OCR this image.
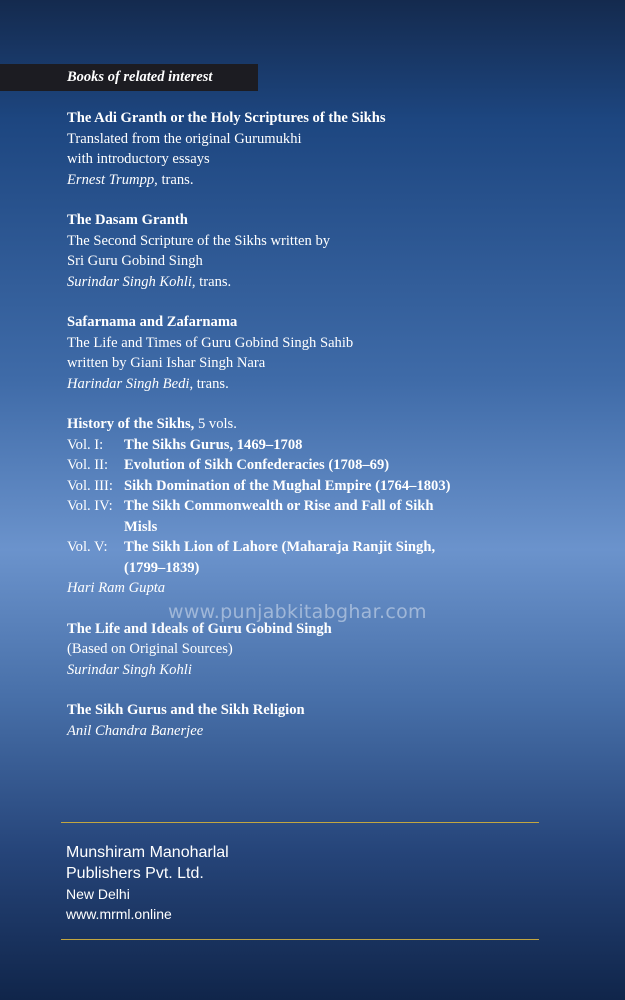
Books of related interest
The Adi Granth or the Holy Scriptures of the Sikhs
Translated from the original Gurumukhi
with introductory essays
Ernest Trumpp, trans.
The Dasam Granth
The Second Scripture of the Sikhs written by
Sri Guru Gobind Singh
Surindar Singh Kohli, trans.
Safarnama and Zafarnama
The Life and Times of Guru Gobind Singh Sahib
written by Giani Ishar Singh Nara
Harindar Singh Bedi, trans.
History of the Sikhs, 5 vols.
Vol. I:	The Sikhs Gurus, 1469–1708
Vol. II:	Evolution of Sikh Confederacies (1708–69)
Vol. III: Sikh Domination of the Mughal Empire (1764–1803)
Vol. IV: The Sikh Commonwealth or Rise and Fall of Sikh Misls
Vol. V:	The Sikh Lion of Lahore (Maharaja Ranjit Singh, (1799–1839)
Hari Ram Gupta
The Life and Ideals of Guru Gobind Singh
(Based on Original Sources)
Surindar Singh Kohli
The Sikh Gurus and the Sikh Religion
Anil Chandra Banerjee
www.punjabkitabghar.com
Munshiram Manoharlal
Publishers Pvt. Ltd.
New Delhi
www.mrml.online
